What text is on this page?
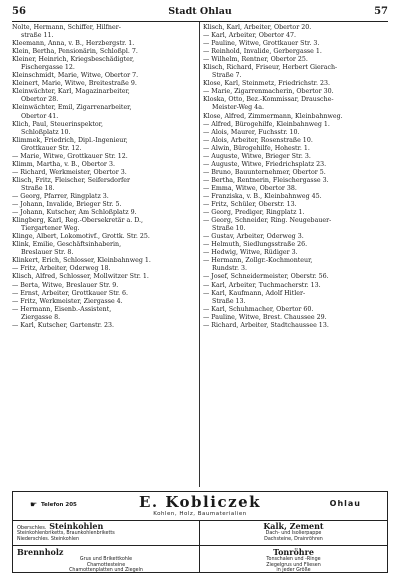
56	Stadt Ohlau	57
Nolte, Hermann, Schiffer, Hilfner-
straße 11.
Kleemann, Anna, v. B., Herzbergstr. 1.
Klein, Bertha, Pensionärin, Schloßpl. 7.
Kleiner, Heinrich, Kriegsbeschädigter,
Fischergasse 12.
Kleinschmidt, Marie, Witwe, Obertor 7.
Kleinert, Marie, Witwe, Breitestraße 9.
Kleinwächter, Karl, Magazinarbeiter,
Obertor 28.
Kleinwächter, Emil, Zigarrenarbeiter,
Obertor 41.
Klich, Paul, Steuerinspektor,
Schloßplatz 10.
Klimmek, Friedrich, Dipl.-Ingenieur,
Grottkauer Str. 12.
— Marie, Witwe, Grottkauer Str. 12.
Klimm, Martha, v. B., Obertor 3.
— Richard, Werkmeister, Obertor 3.
Klisch, Fritz, Fleischer, Seifersdorfer
Straße 18.
— Georg, Pfarrer, Ringplatz 3.
— Johann, Invalide, Brieger Str. 5.
— Johann, Kutscher, Am Schloßplatz 9.
Klingberg, Karl, Reg.-Obersekretär a. D.,
Tiergartener Weg.
Klinge, Albert, Lokomotivf., Grottk. Str. 25.
Klink, Emilie, Geschäftsinhaberin,
Breslauer Str. 8.
Klinkert, Erich, Schlosser, Kleinbahnweg 1.
— Fritz, Arbeiter, Oderweg 18.
Klisch, Alfred, Schlosser, Mollwitzer Str. 1.
— Berta, Witwe, Breslauer Str. 9.
— Ernst, Arbeiter, Grottkauer Str. 6.
— Fritz, Werkmeister, Ziergasse 4.
— Hermann, Eisenb.-Assistent,
Ziergasse 8.
— Karl, Kutscher, Gartenstr. 23.
Klisch, Karl, Arbeiter, Obertor 20.
— Karl, Arbeiter, Obertor 47.
— Pauline, Witwe, Grottkauer Str. 3.
— Reinhold, Invalide, Gerbergasse 1.
— Wilhelm, Rentner, Obertor 25.
Klisch, Richard, Friseur, Herbert Gierach-
Straße 7.
Klose, Karl, Steinmetz, Friedrichstr. 23.
— Marie, Zigarrenmacherin, Obertor 30.
Kloska, Otto, Bez.-Kommissar, Drausche-
Meister-Weg 4a.
Klose, Alfred, Zimmermann, Kleinbahnweg.
— Alfred, Bürogehilfe, Kleinbahnweg 1.
— Alois, Maurer, Fuchsstr. 10.
— Alois, Arbeiter, Rosenstraße 10.
— Alwin, Bürogehilfe, Hohestr. 1.
— Auguste, Witwe, Brieger Str. 3.
— Auguste, Witwe, Friedrichsplatz 23.
— Bruno, Bauunternehmer, Obertor 5.
— Bertha, Rentnerin, Fleischergasse 3.
— Emma, Witwe, Obertor 38.
— Franziska, v. B., Kleinbahnweg 45.
— Fritz, Schüler, Oberstr. 13.
— Georg, Prediger, Ringplatz 1.
— Georg, Schneider, Ring. Neugebauer-
Straße 10.
— Gustav, Arbeiter, Oderweg 3.
— Helmuth, Siedlungsstraße 26.
— Hedwig, Witwe, Rüdiger 3.
— Hermann, Zollgr.-Kochmonteur,
Rundstr. 3.
— Josef, Schneidermeister, Oberstr. 56.
— Karl, Arbeiter, Tuchmacherstr. 13.
— Karl, Kaufmann, Adolf Hitler-
Straße 13.
— Karl, Schuhmacher, Obertor 60.
— Pauline, Witwe, Brest. Chaussee 29.
— Richard, Arbeiter, Stadtchaussee 13.
☛ Telefon 205	E. Kobliczek	Ohlau
Kohlen, Holz, Baumaterialien
Oberschles. Steinkohlen
Steinkohlenbriketts, Braunkohlenbriketts
Niederschles. Steinkohlen
Kalk, Zement
Dach- und Isolierpappe
Dachsteine, Drainröhren
Brennholz
Grus und Brikettkohle
Chamottesteine
Chamottenplatten und Ziegeln
Tonröhre
Tonschalen und -Ringe
Ziegelgrus und Fliesen
in jeder Größe
